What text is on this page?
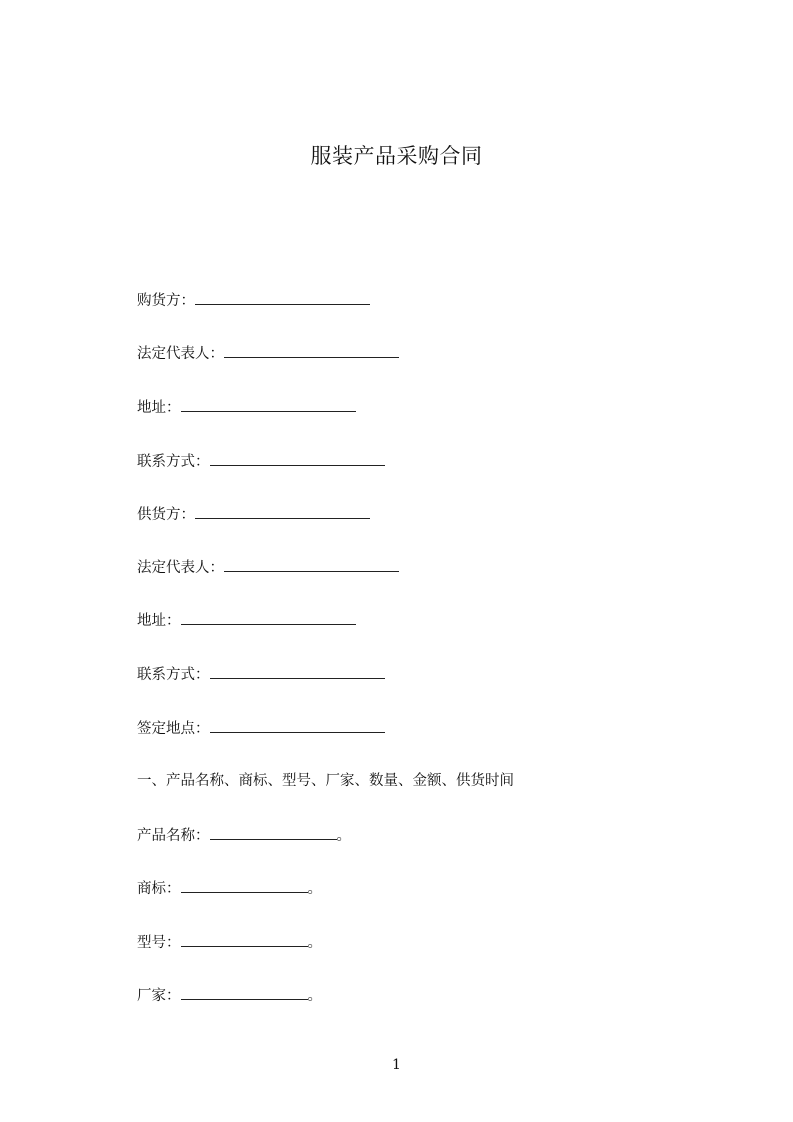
服装产品采购合同
购货方：
法定代表人：
地址：
联系方式：
供货方：
法定代表人：
地址：
联系方式：
签定地点：
一、产品名称、商标、型号、厂家、数量、金额、供货时间
产品名称：	。
商标：	。
型号：	。
厂家：	。
1
